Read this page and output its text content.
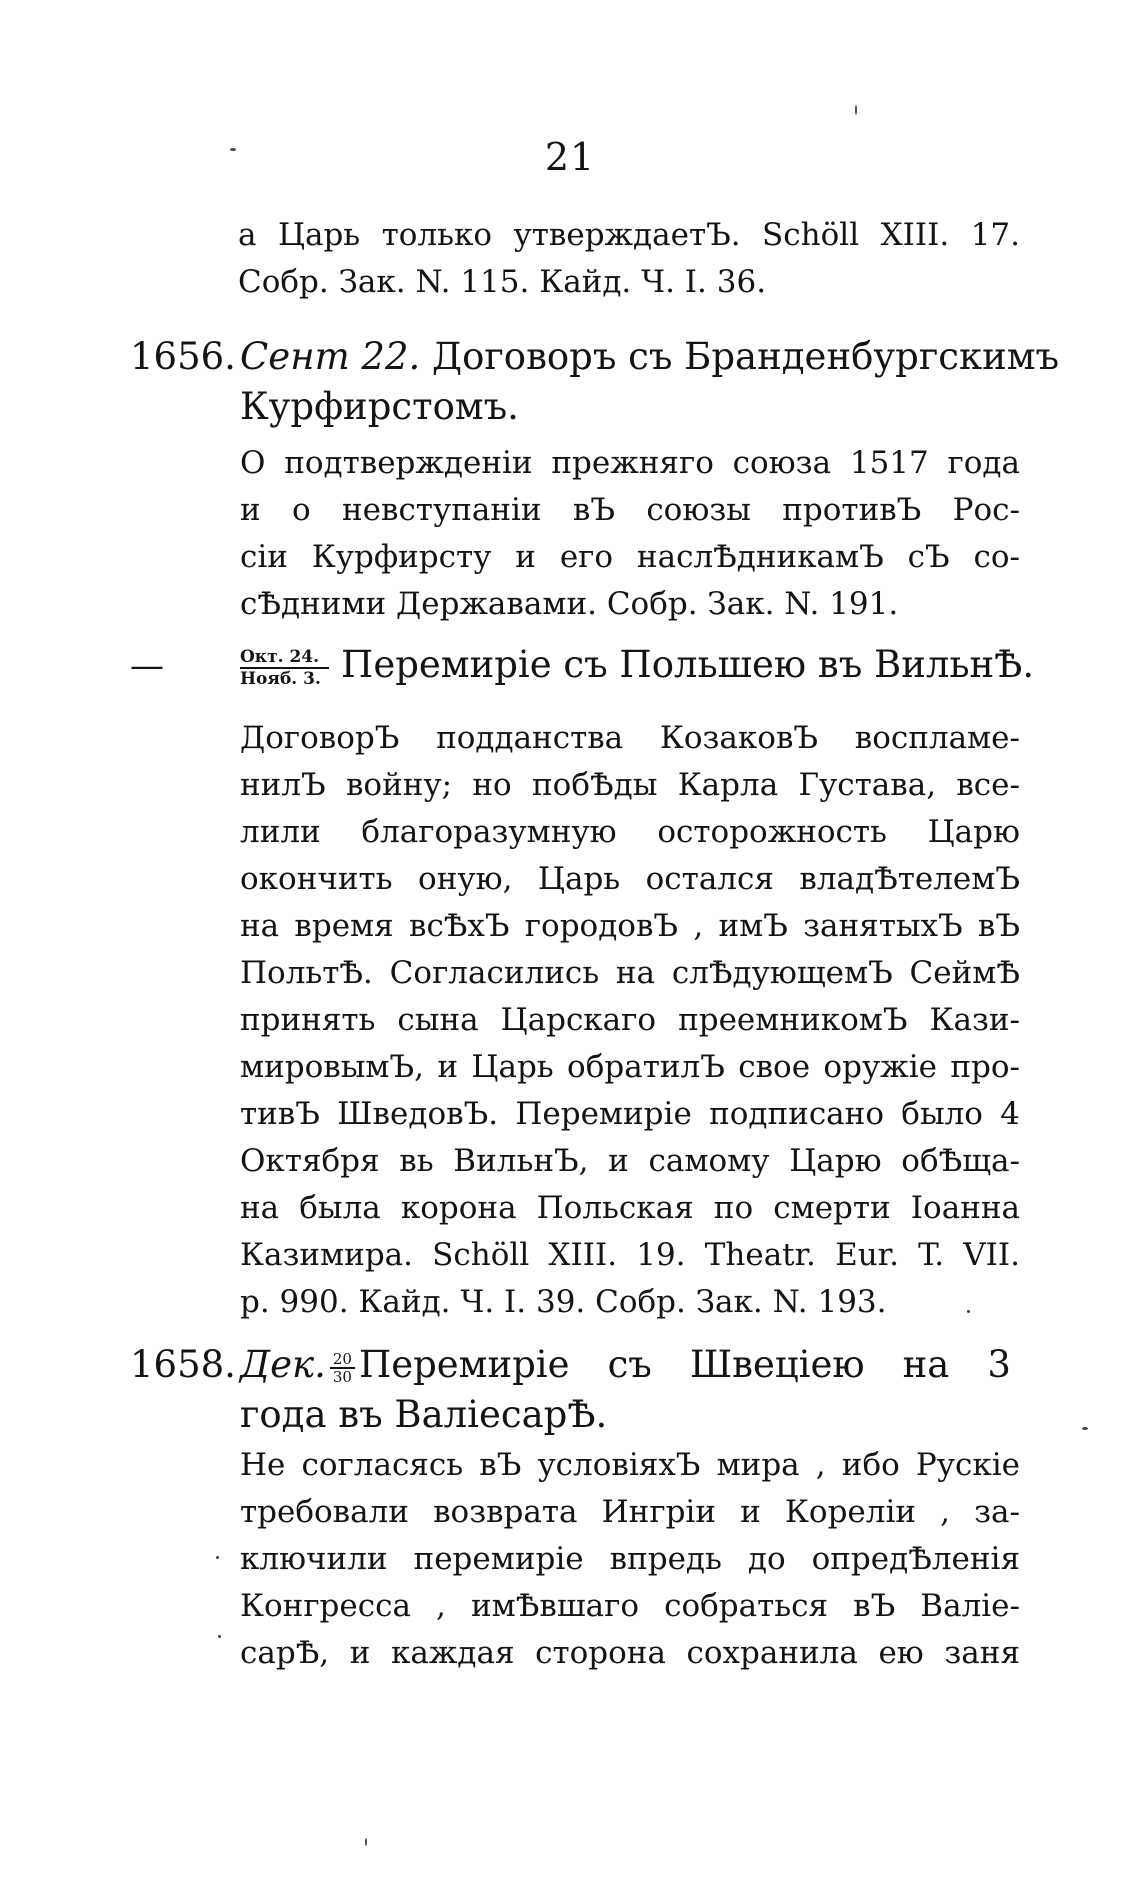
21
а Царь только утверждаетЪ. Schöll XIII. 17.
Собр. Зак. N. 115. Кайд. Ч. I. 36.
1656. Сент 22. Договоръ съ Бранденбургскимъ
Курфирстомъ.
О подтвержденіи прежняго союза 1517 года
и о невступаніи вЪ союзы противЪ Рос-
сіи Курфирсту и его наслѢдникамЪ сЪ со-
сѢдними Державами. Собр. Зак. N. 191.
—	$\frac{\text{Окт. 24.}}{\text{Нояб. 3.}}$ Перемиріе съ Польшею въ ВильнѢ.
ДоговорЪ подданства КозаковЪ воспламе-
нилЪ войну; но побѢды Карла Густава, все-
лили благоразумную осторожность Царю
окончить оную, Царь остался владѢтелемЪ
на время всѢхЪ городовЪ , имЪ занятыхЪ вЪ
ПольтѢ. Согласились на слѢдующемЪ СеймѢ
принять сына Царскаго преемникомЪ Кази-
мировымЪ, и Царь обратилЪ свое оружіе про-
тивЪ ШведовЪ. Перемиріе подписано было 4
Октября вь ВильнЪ, и самому Царю обѢща-
на была корона Польская по смерти Іоанна
Казимира. Schöll XIII. 19. Theatr. Eur. T. VII.
p. 990. Кайд. Ч. I. 39. Собр. Зак. N. 193.
1658. Дек. $\frac{20}{30}$ Перемиріе съ Швеціею на 3
года въ ВаліесарѢ.
Не согласясь вЪ условіяхЪ мира , ибо Рускіе
требовали возврата Ингріи и Кореліи , за-
ключили перемиріе впредь до опредѢленія
Конгресса , имѢвшаго собраться вЪ Валіе-
сарѢ, и каждая сторона сохранила ею заня
